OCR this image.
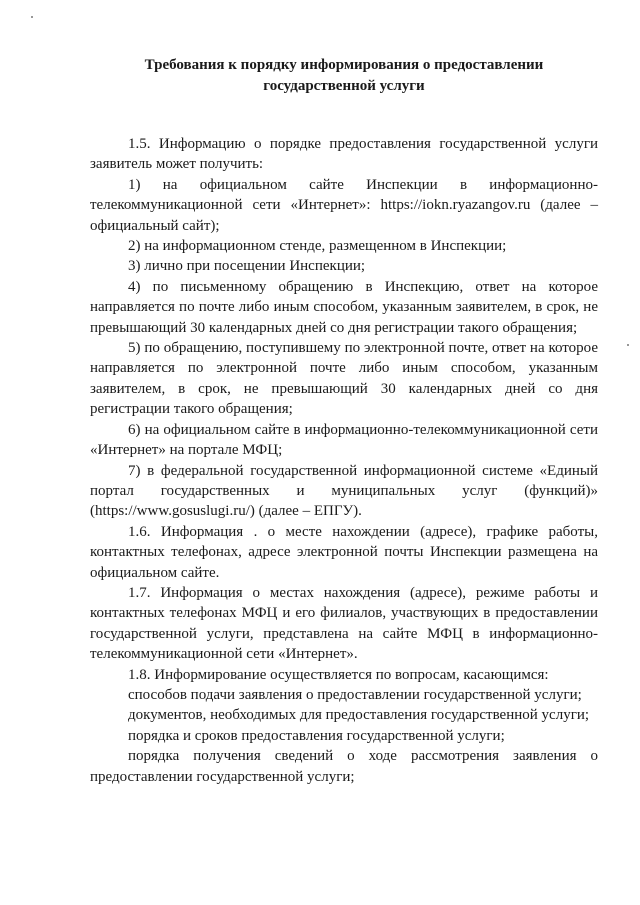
Требования к порядку информирования о предоставлении
государственной услуги

1.5. Информацию о порядке предоставления государственной услуги заявитель может получить:

1) на официальном сайте Инспекции в информационно-телекоммуникационной сети «Интернет»: https://iokn.ryazangov.ru (далее – официальный сайт);

2) на информационном стенде, размещенном в Инспекции;

3) лично при посещении Инспекции;

4) по письменному обращению в Инспекцию, ответ на которое направляется по почте либо иным способом, указанным заявителем, в срок, не превышающий 30 календарных дней со дня регистрации такого обращения;

5) по обращению, поступившему по электронной почте, ответ на которое направляется по электронной почте либо иным способом, указанным заявителем, в срок, не превышающий 30 календарных дней со дня регистрации такого обращения;

6) на официальном сайте в информационно-телекоммуникационной сети «Интернет» на портале МФЦ;

7) в федеральной государственной информационной системе «Единый портал государственных и муниципальных услуг (функций)» (https://www.gosuslugi.ru/) (далее – ЕПГУ).

1.6. Информация . о месте нахождении (адресе), графике работы, контактных телефонах, адресе электронной почты Инспекции размещена на официальном сайте.

1.7. Информация о местах нахождения (адресе), режиме работы и контактных телефонах МФЦ и его филиалов, участвующих в предоставлении государственной услуги, представлена на сайте МФЦ в информационно-телекоммуникационной сети «Интернет».

1.8. Информирование осуществляется по вопросам, касающимся:

способов подачи заявления о предоставлении государственной услуги;

документов, необходимых для предоставления государственной услуги;

порядка и сроков предоставления государственной услуги;

порядка получения сведений о ходе рассмотрения заявления о предоставлении государственной услуги;
